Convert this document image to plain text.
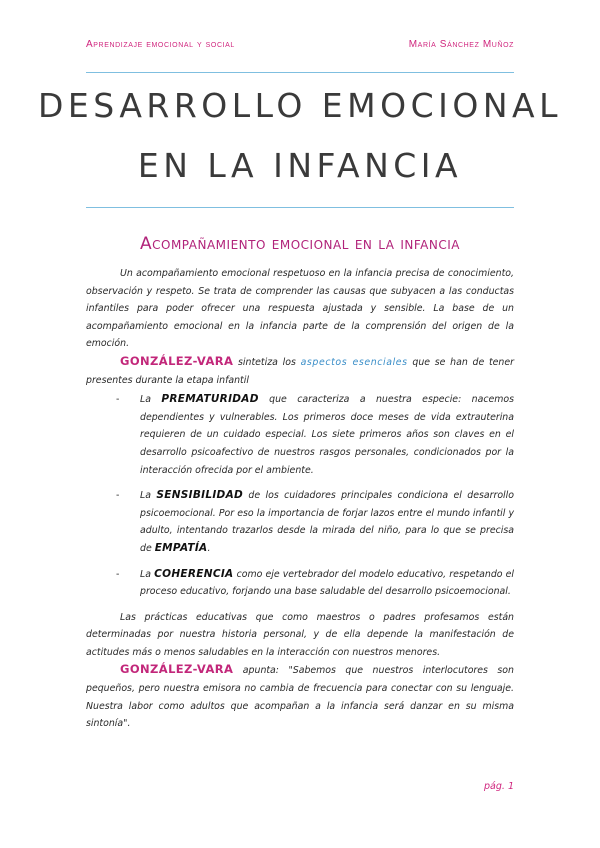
Aprendizaje emocional y social	María Sánchez Muñoz
DESARROLLO EMOCIONAL
EN LA INFANCIA
Acompañamiento emocional en la infancia

Un acompañamiento emocional respetuoso en la infancia precisa de conocimiento, observación y respeto. Se trata de comprender las causas que subyacen a las conductas infantiles para poder ofrecer una respuesta ajustada y sensible. La base de un acompañamiento emocional en la infancia parte de la comprensión del origen de la emoción.

GONZÁLEZ-VARA sintetiza los aspectos esenciales que se han de tener presentes durante la etapa infantil

- La PREMATURIDAD que caracteriza a nuestra especie: nacemos dependientes y vulnerables. Los primeros doce meses de vida extrauterina requieren de un cuidado especial. Los siete primeros años son claves en el desarrollo psicoafectivo de nuestros rasgos personales, condicionados por la interacción ofrecida por el ambiente.
- La SENSIBILIDAD de los cuidadores principales condiciona el desarrollo psicoemocional. Por eso la importancia de forjar lazos entre el mundo infantil y adulto, intentando trazarlos desde la mirada del niño, para lo que se precisa de EMPATÍA.
- La COHERENCIA como eje vertebrador del modelo educativo, respetando el proceso educativo, forjando una base saludable del desarrollo psicoemocional.

Las prácticas educativas que como maestros o padres profesamos están determinadas por nuestra historia personal, y de ella depende la manifestación de actitudes más o menos saludables en la interacción con nuestros menores.

GONZÁLEZ-VARA apunta: "Sabemos que nuestros interlocutores son pequeños, pero nuestra emisora no cambia de frecuencia para conectar con su lenguaje. Nuestra labor como adultos que acompañan a la infancia será danzar en su misma sintonía".

pág. 1
